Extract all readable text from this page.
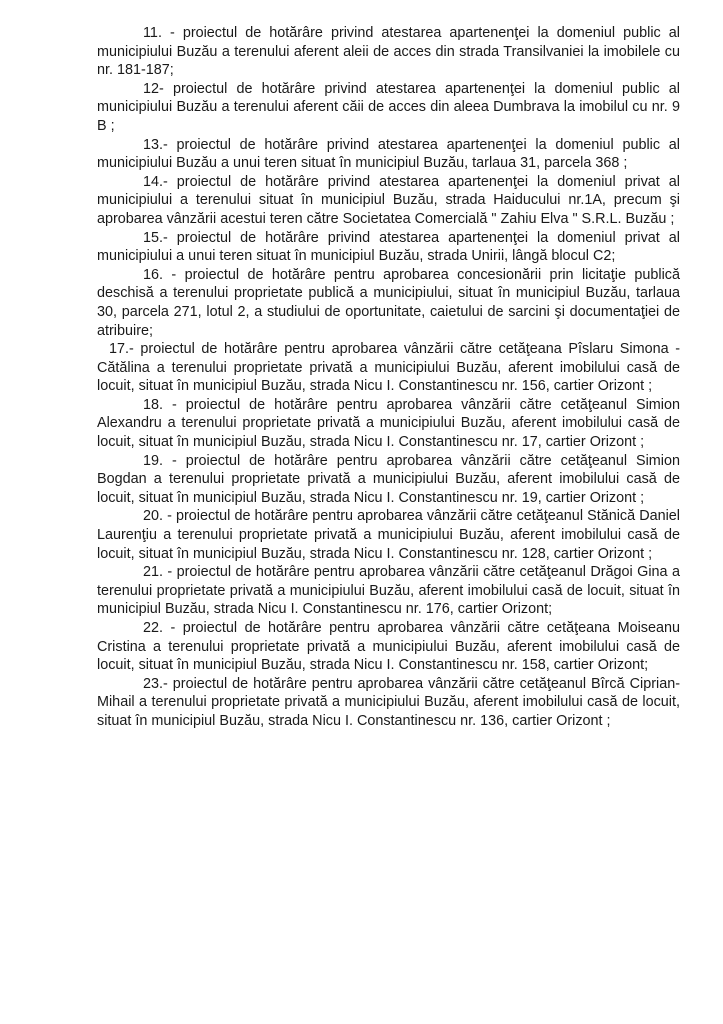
11. - proiectul de hotărâre privind atestarea apartenenţei la domeniul public al municipiului Buzău a terenului aferent aleii de acces din strada Transilvaniei la imobilele cu nr. 181-187;

12- proiectul de hotărâre privind atestarea apartenenţei la domeniul public al municipiului Buzău a terenului aferent căii de acces din aleea Dumbrava la imobilul cu nr. 9 B ;

13.- proiectul de hotărâre privind atestarea apartenenţei la domeniul public al municipiului Buzău a unui teren situat în municipiul Buzău, tarlaua 31, parcela 368 ;

14.- proiectul de hotărâre privind atestarea apartenenţei la domeniul privat al municipiului a terenului situat în municipiul Buzău, strada Haiducului nr.1A, precum şi aprobarea vânzării acestui teren către Societatea Comercială " Zahiu Elva " S.R.L. Buzău ;

15.- proiectul de hotărâre privind atestarea apartenenţei la domeniul privat al municipiului a unui teren situat în municipiul Buzău, strada Unirii, lângă blocul C2;

16. - proiectul de hotărâre pentru aprobarea concesionării prin licitaţie publică deschisă a terenului proprietate publică a municipiului, situat în municipiul Buzău, tarlaua 30, parcela 271, lotul 2, a studiului de oportunitate, caietului de sarcini şi documentaţiei de atribuire;

17.- proiectul de hotărâre pentru aprobarea vânzării către cetăţeana Pîslaru Simona - Cătălina a terenului proprietate privată a municipiului Buzău, aferent imobilului casă de locuit, situat în municipiul Buzău, strada Nicu I. Constantinescu nr. 156, cartier Orizont ;

18. - proiectul de hotărâre pentru aprobarea vânzării către cetăţeanul Simion Alexandru a terenului proprietate privată a municipiului Buzău, aferent imobilului casă de locuit, situat în municipiul Buzău, strada Nicu I. Constantinescu nr. 17, cartier Orizont ;

19. - proiectul de hotărâre pentru aprobarea vânzării către cetăţeanul Simion Bogdan a terenului proprietate privată a municipiului Buzău, aferent imobilului casă de locuit, situat în municipiul Buzău, strada Nicu I. Constantinescu nr. 19, cartier Orizont ;

20. - proiectul de hotărâre pentru aprobarea vânzării către cetăţeanul Stănică Daniel Laurenţiu a terenului proprietate privată a municipiului Buzău, aferent imobilului casă de locuit, situat în municipiul Buzău, strada Nicu I. Constantinescu nr. 128, cartier Orizont ;

21. - proiectul de hotărâre pentru aprobarea vânzării către cetăţeanul Drăgoi Gina a terenului proprietate privată a municipiului Buzău, aferent imobilului casă de locuit, situat în municipiul Buzău, strada Nicu I. Constantinescu nr. 176, cartier Orizont;

22. - proiectul de hotărâre pentru aprobarea vânzării către cetăţeana Moiseanu Cristina a terenului proprietate privată a municipiului Buzău, aferent imobilului casă de locuit, situat în municipiul Buzău, strada Nicu I. Constantinescu nr. 158, cartier Orizont;

23.- proiectul de hotărâre pentru aprobarea vânzării către cetăţeanul Bîrcă Ciprian-Mihail a terenului proprietate privată a municipiului Buzău, aferent imobilului casă de locuit, situat în municipiul Buzău, strada Nicu I. Constantinescu nr. 136, cartier Orizont ;
